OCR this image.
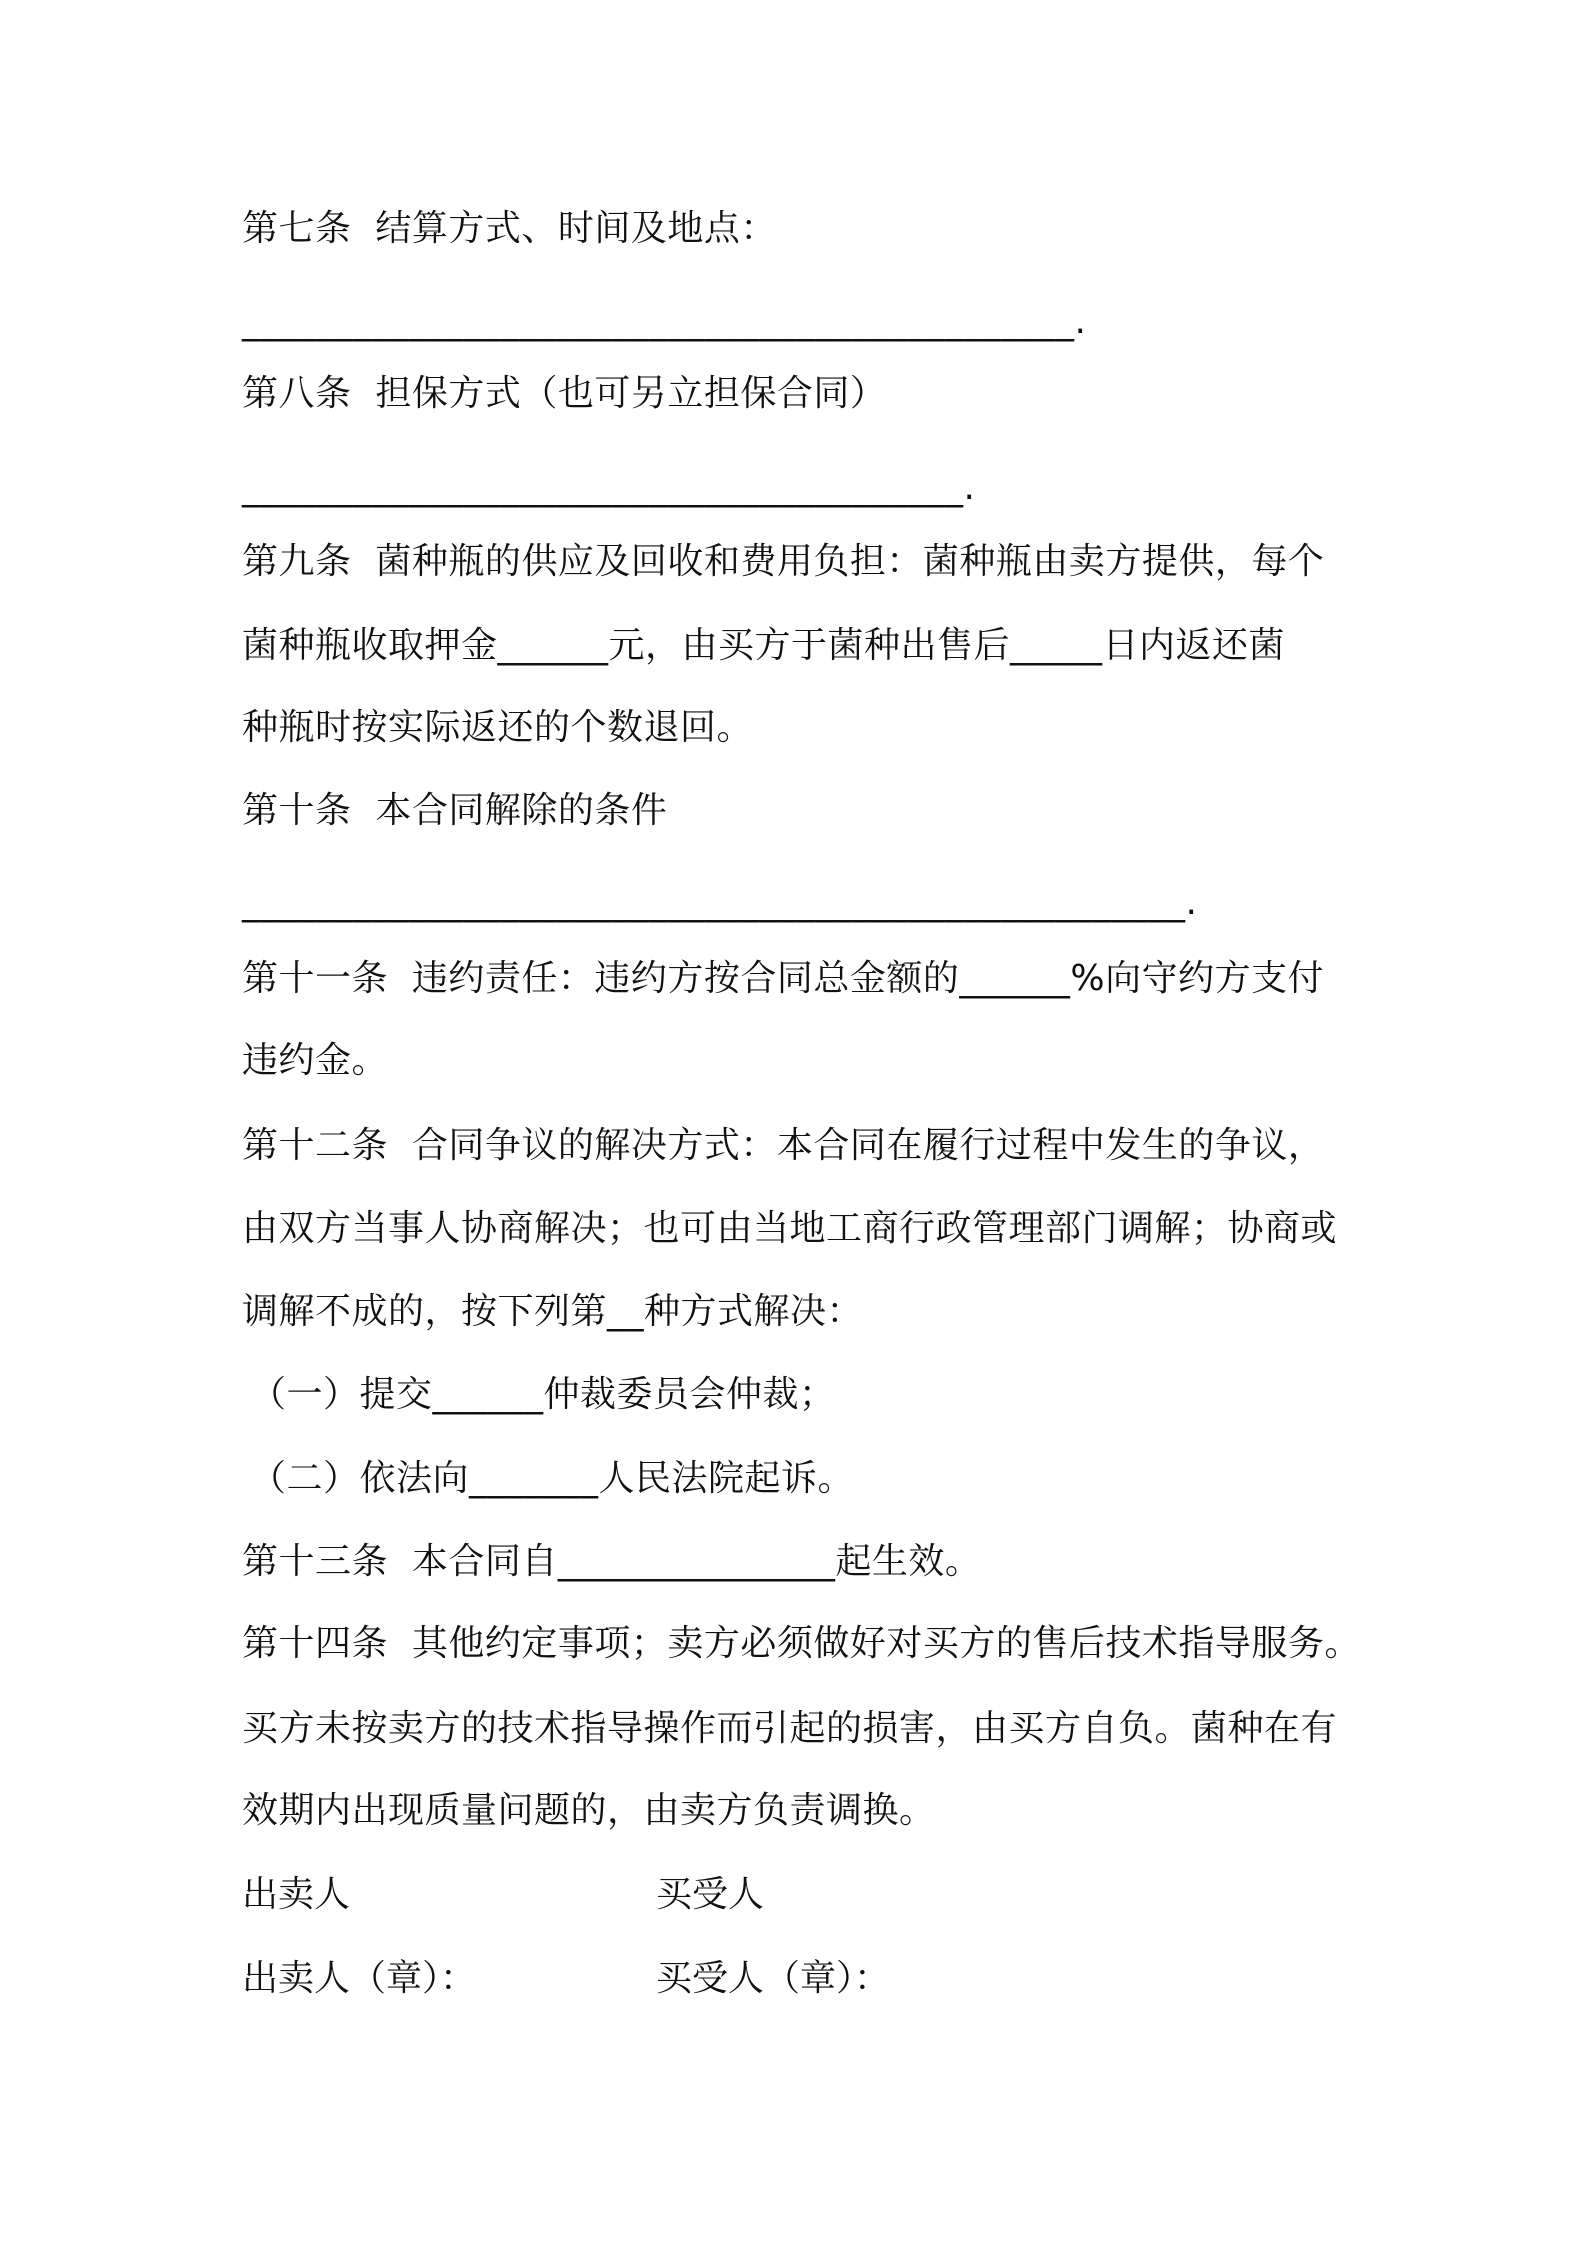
第七条  结算方式、时间及地点：
_____________________________________________.
第八条  担保方式（也可另立担保合同）
_______________________________________.
第九条  菌种瓶的供应及回收和费用负担：菌种瓶由卖方提供，每个
菌种瓶收取押金______元，由买方于菌种出售后_____日内返还菌
种瓶时按实际返还的个数退回。
第十条  本合同解除的条件
___________________________________________________.
第十一条  违约责任：违约方按合同总金额的______%向守约方支付
违约金。
第十二条  合同争议的解决方式：本合同在履行过程中发生的争议，
由双方当事人协商解决；也可由当地工商行政管理部门调解；协商或
调解不成的，按下列第__种方式解决：
（一）提交______仲裁委员会仲裁；
（二）依法向_______人民法院起诉。
第十三条  本合同自_______________起生效。
第十四条  其他约定事项；卖方必须做好对买方的售后技术指导服务。
买方未按卖方的技术指导操作而引起的损害，由买方自负。菌种在有
效期内出现质量问题的，由卖方负责调换。
出卖人	买受人
出卖人（章）：	买受人（章）：
